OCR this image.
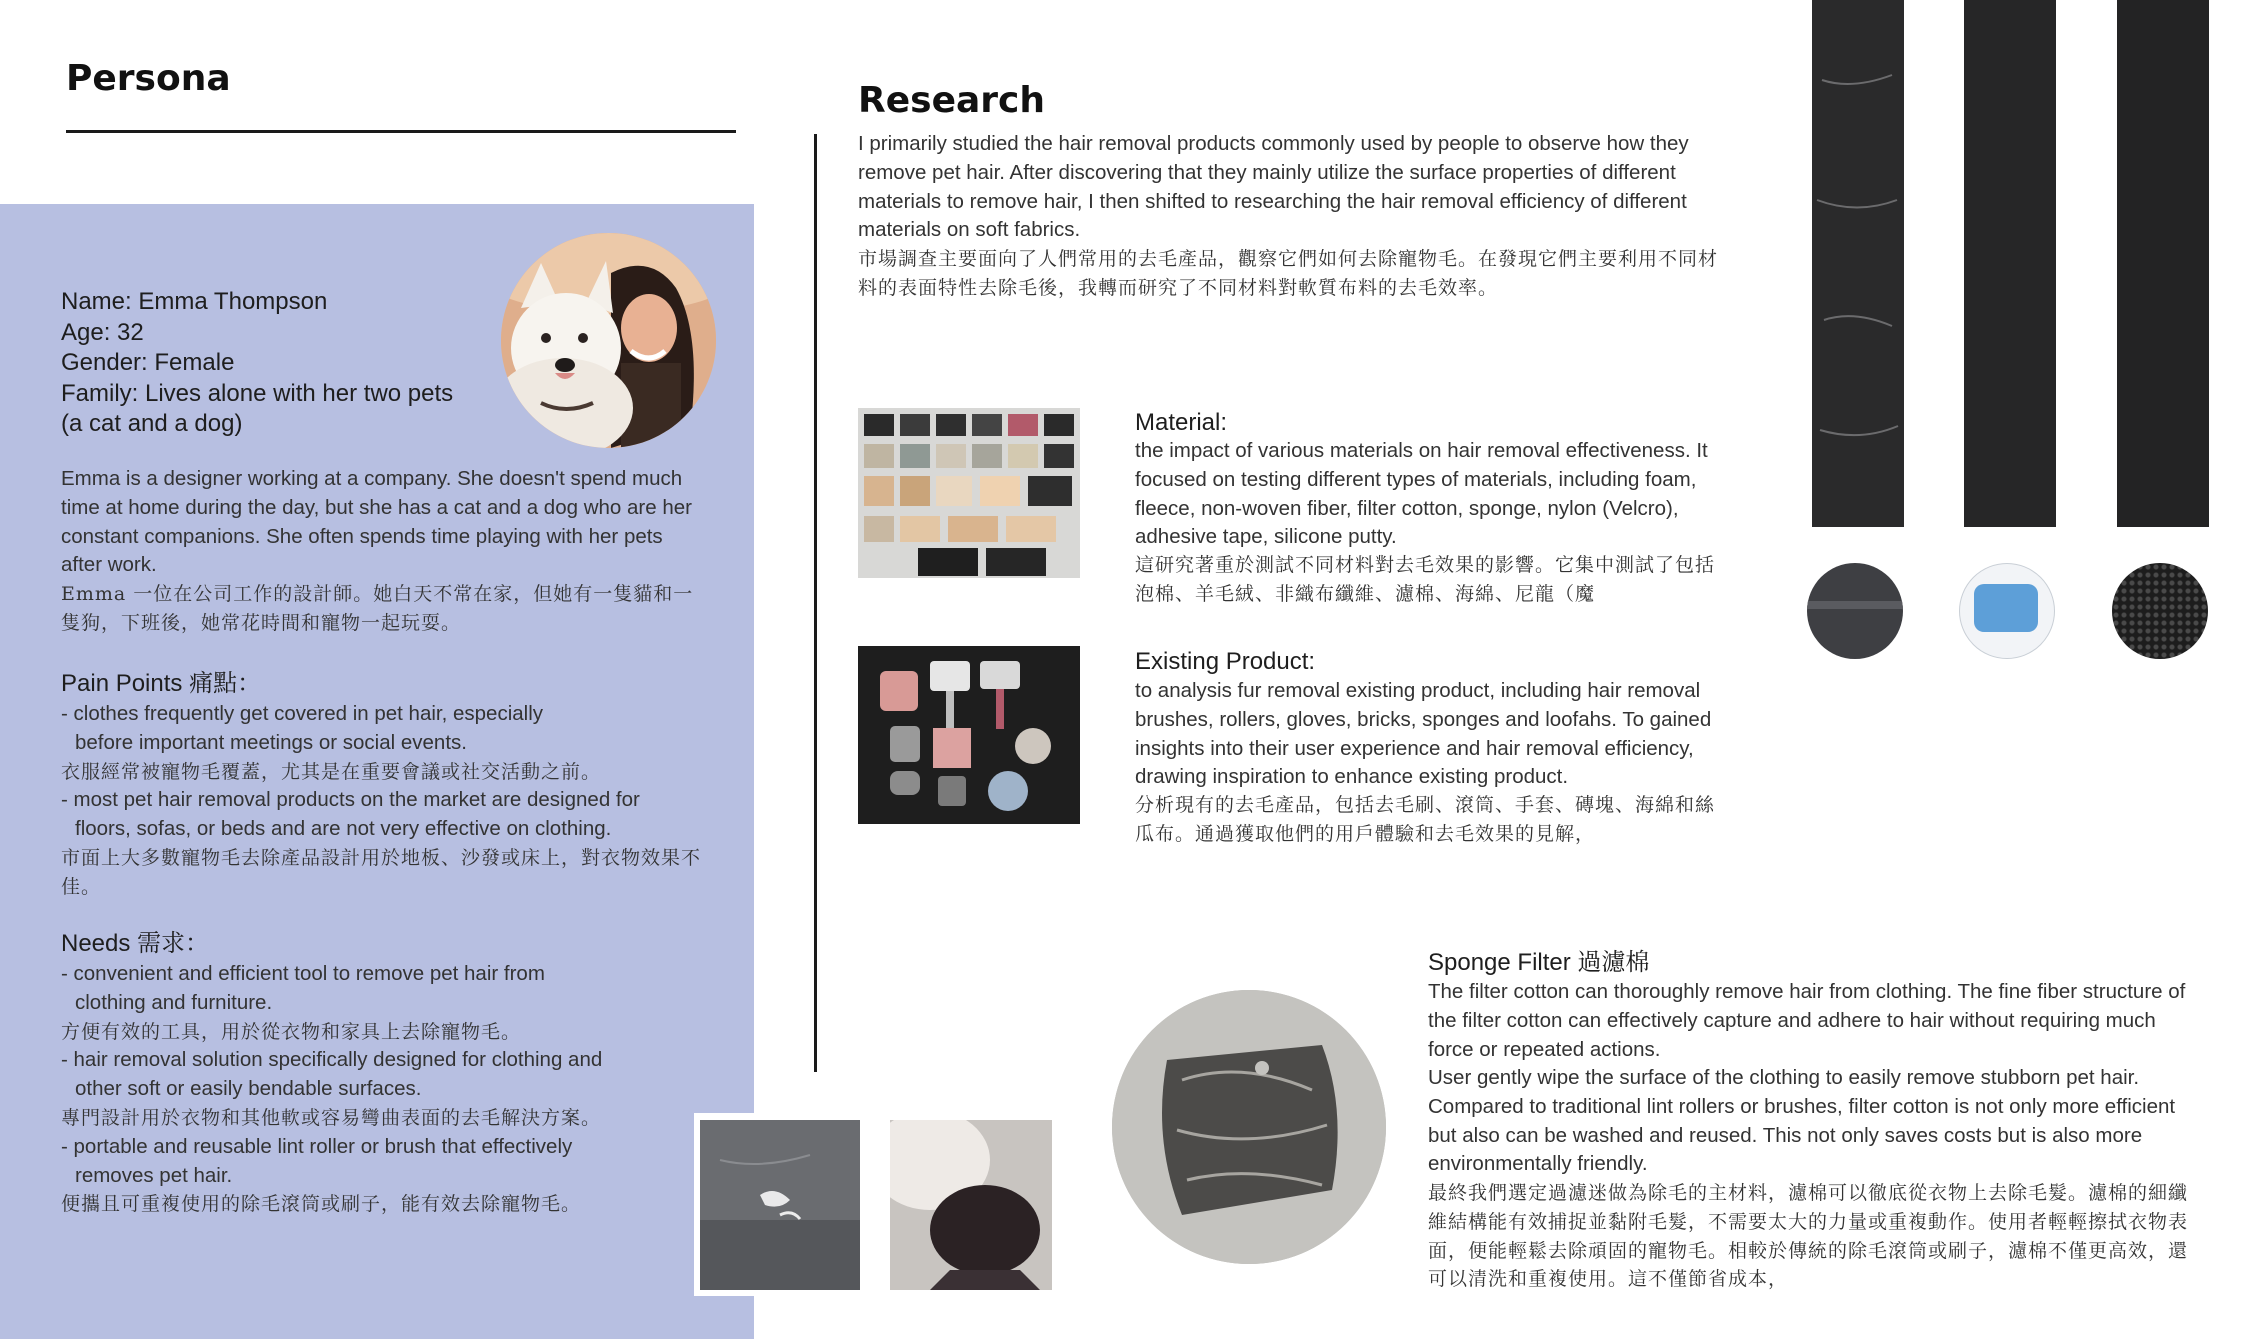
Persona
Name: Emma Thompson
Age: 32
Gender: Female
Family: Lives alone with her two pets
(a cat and a dog)

Emma is a designer working at a company. She doesn't spend much time at home during the day, but she has a cat and a dog who are her constant companions. She often spends time playing with her pets after work.

Emma 一位在公司工作的設計師。她白天不常在家，但她有一隻貓和一隻狗，下班後，她常花時間和寵物一起玩耍。

Pain Points 痛點：

- clothes frequently get covered in pet hair, especially before important meetings or social events.

衣服經常被寵物毛覆蓋，尤其是在重要會議或社交活動之前。

- most pet hair removal products on the market are designed for floors, sofas, or beds and are not very effective on clothing.

市面上大多數寵物毛去除產品設計用於地板、沙發或床上，對衣物效果不佳。

Needs 需求：

- convenient and efficient tool to remove pet hair from clothing and furniture.

方便有效的工具，用於從衣物和家具上去除寵物毛。

- hair removal solution specifically designed for clothing and other soft or easily bendable surfaces.

專門設計用於衣物和其他軟或容易彎曲表面的去毛解決方案。

- portable and reusable lint roller or brush that effectively removes pet hair.

便攜且可重複使用的除毛滾筒或刷子，能有效去除寵物毛。

Research

I primarily studied the hair removal products commonly used by people to observe how they remove pet hair. After discovering that they mainly utilize the surface properties of different materials to remove hair, I then shifted to researching the hair removal efficiency of different materials on soft fabrics.

市場調查主要面向了人們常用的去毛產品，觀察它們如何去除寵物毛。在發現它們主要利用不同材料的表面特性去除毛後，我轉而研究了不同材料對軟質布料的去毛效率。

Material:

the impact of various materials on hair removal effectiveness. It focused on testing different types of materials, including foam, fleece, non-woven fiber, filter cotton, sponge, nylon (Velcro), adhesive tape, silicone putty.

這研究著重於測試不同材料對去毛效果的影響。它集中測試了包括泡棉、羊毛絨、非織布纖維、濾棉、海綿、尼龍（魔

Existing Product:

to analysis fur removal existing product, including hair removal brushes, rollers, gloves, bricks, sponges and loofahs. To gained insights into their user experience and hair removal efficiency, drawing inspiration to enhance existing product.

分析現有的去毛產品，包括去毛刷、滾筒、手套、磚塊、海綿和絲瓜布。通過獲取他們的用戶體驗和去毛效果的見解，

Sponge Filter 過濾棉

The filter cotton can thoroughly remove hair from clothing. The fine fiber structure of the filter cotton can effectively capture and adhere to hair without requiring much force or repeated actions.

User gently wipe the surface of the clothing to easily remove stubborn pet hair. Compared to traditional lint rollers or brushes, filter cotton is not only more efficient but also can be washed and reused. This not only saves costs but is also more environmentally friendly.

最終我們選定過濾迷做為除毛的主材料，濾棉可以徹底從衣物上去除毛髮。濾棉的細纖維結構能有效捕捉並黏附毛髮，不需要太大的力量或重複動作。使用者輕輕擦拭衣物表面，便能輕鬆去除頑固的寵物毛。相較於傳統的除毛滾筒或刷子，濾棉不僅更高效，還可以清洗和重複使用。這不僅節省成本，
